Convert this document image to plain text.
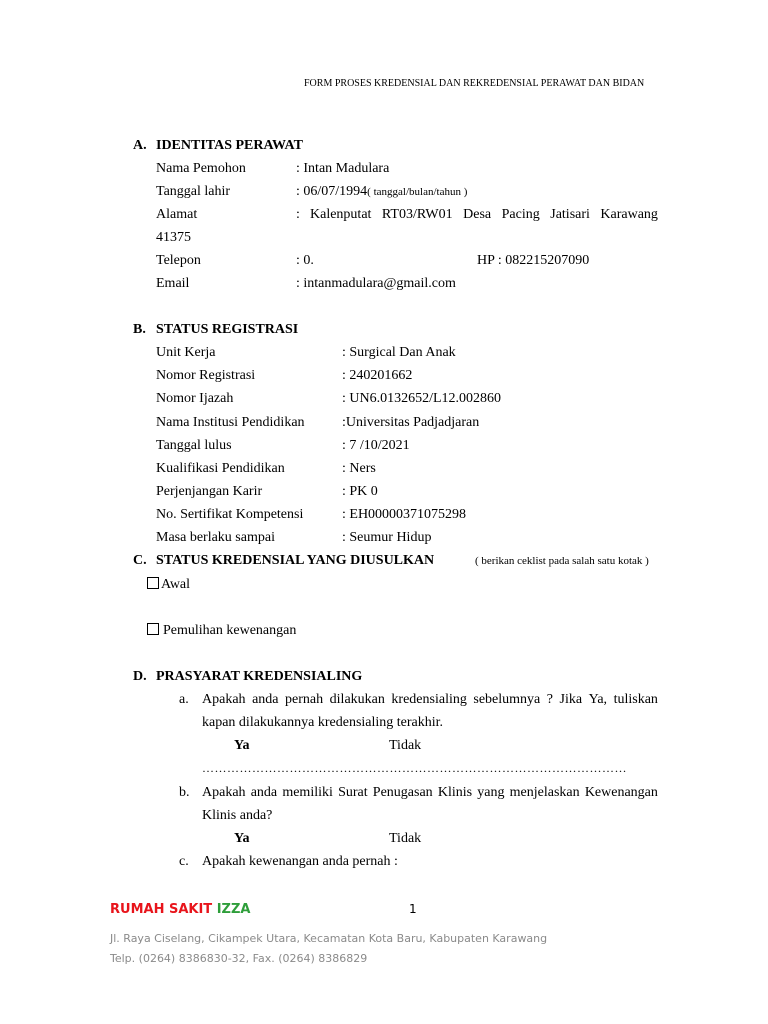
FORM PROSES KREDENSIAL DAN REKREDENSIAL PERAWAT DAN BIDAN
A. IDENTITAS PERAWAT
Nama Pemohon	: Intan Madulara
Tanggal lahir	: 06/07/1994( tanggal/bulan/tahun )
Alamat	: Kalenputat RT03/RW01 Desa Pacing Jatisari Karawang
41375
Telepon	: 0.	HP : 082215207090
Email	: intanmadulara@gmail.com
B. STATUS REGISTRASI
Unit Kerja	: Surgical Dan Anak
Nomor Registrasi	: 240201662
Nomor Ijazah	: UN6.0132652/L12.002860
Nama Institusi Pendidikan	:Universitas Padjadjaran
Tanggal lulus	: 7 /10/2021
Kualifikasi Pendidikan	: Ners
Perjenjangan Karir	: PK 0
No. Sertifikat Kompetensi	: EH00000371075298
Masa berlaku sampai	: Seumur Hidup
C. STATUS KREDENSIAL YANG DIUSULKAN	( berikan ceklist pada salah satu kotak )
Awal
Pemulihan kewenangan
D. PRASYARAT KREDENSIALING
a. Apakah anda pernah dilakukan kredensialing sebelumnya ? Jika Ya, tuliskan
kapan dilakukannya kredensialing terakhir.
Ya	Tidak
…………………………………………………………………………………………
b. Apakah anda memiliki Surat Penugasan Klinis yang menjelaskan Kewenangan
Klinis anda?
Ya	Tidak
c. Apakah kewenangan anda pernah :
RUMAH SAKIT IZZA	1
Jl. Raya Ciselang, Cikampek Utara, Kecamatan Kota Baru, Kabupaten Karawang
Telp. (0264) 8386830-32, Fax. (0264) 8386829
